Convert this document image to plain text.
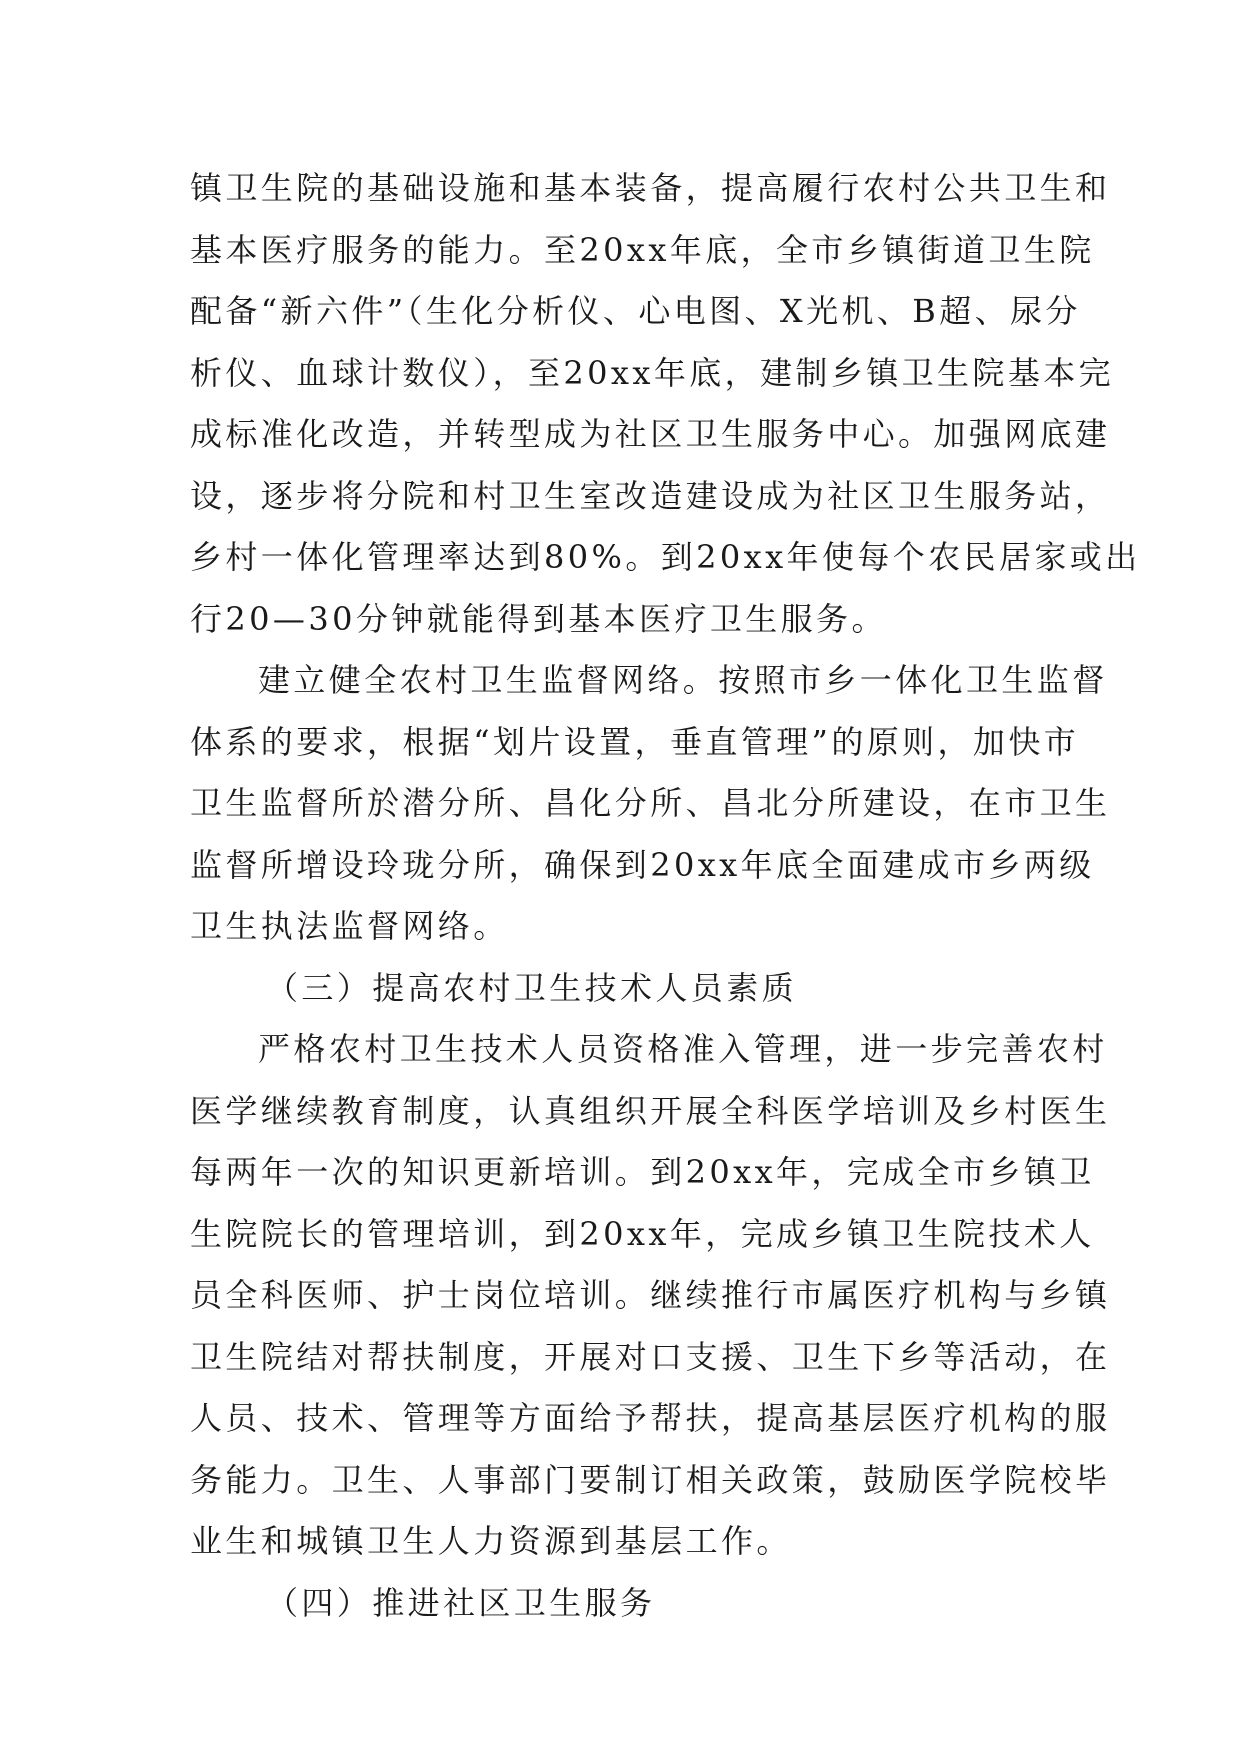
镇卫生院的基础设施和基本装备，提高履行农村公共卫生和
基本医疗服务的能力。至20xx年底，全市乡镇街道卫生院
配备“新六件”（生化分析仪、心电图、X光机、B超、尿分
析仪、血球计数仪），至20xx年底，建制乡镇卫生院基本完
成标准化改造，并转型成为社区卫生服务中心。加强网底建
设，逐步将分院和村卫生室改造建设成为社区卫生服务站，
乡村一体化管理率达到80%。到20xx年使每个农民居家或出
行20—30分钟就能得到基本医疗卫生服务。
建立健全农村卫生监督网络。按照市乡一体化卫生监督
体系的要求，根据“划片设置，垂直管理”的原则，加快市
卫生监督所於潜分所、昌化分所、昌北分所建设，在市卫生
监督所增设玲珑分所，确保到20xx年底全面建成市乡两级
卫生执法监督网络。
（三）提高农村卫生技术人员素质
严格农村卫生技术人员资格准入管理，进一步完善农村
医学继续教育制度，认真组织开展全科医学培训及乡村医生
每两年一次的知识更新培训。到20xx年，完成全市乡镇卫
生院院长的管理培训，到20xx年，完成乡镇卫生院技术人
员全科医师、护士岗位培训。继续推行市属医疗机构与乡镇
卫生院结对帮扶制度，开展对口支援、卫生下乡等活动，在
人员、技术、管理等方面给予帮扶，提高基层医疗机构的服
务能力。卫生、人事部门要制订相关政策，鼓励医学院校毕
业生和城镇卫生人力资源到基层工作。
（四）推进社区卫生服务
